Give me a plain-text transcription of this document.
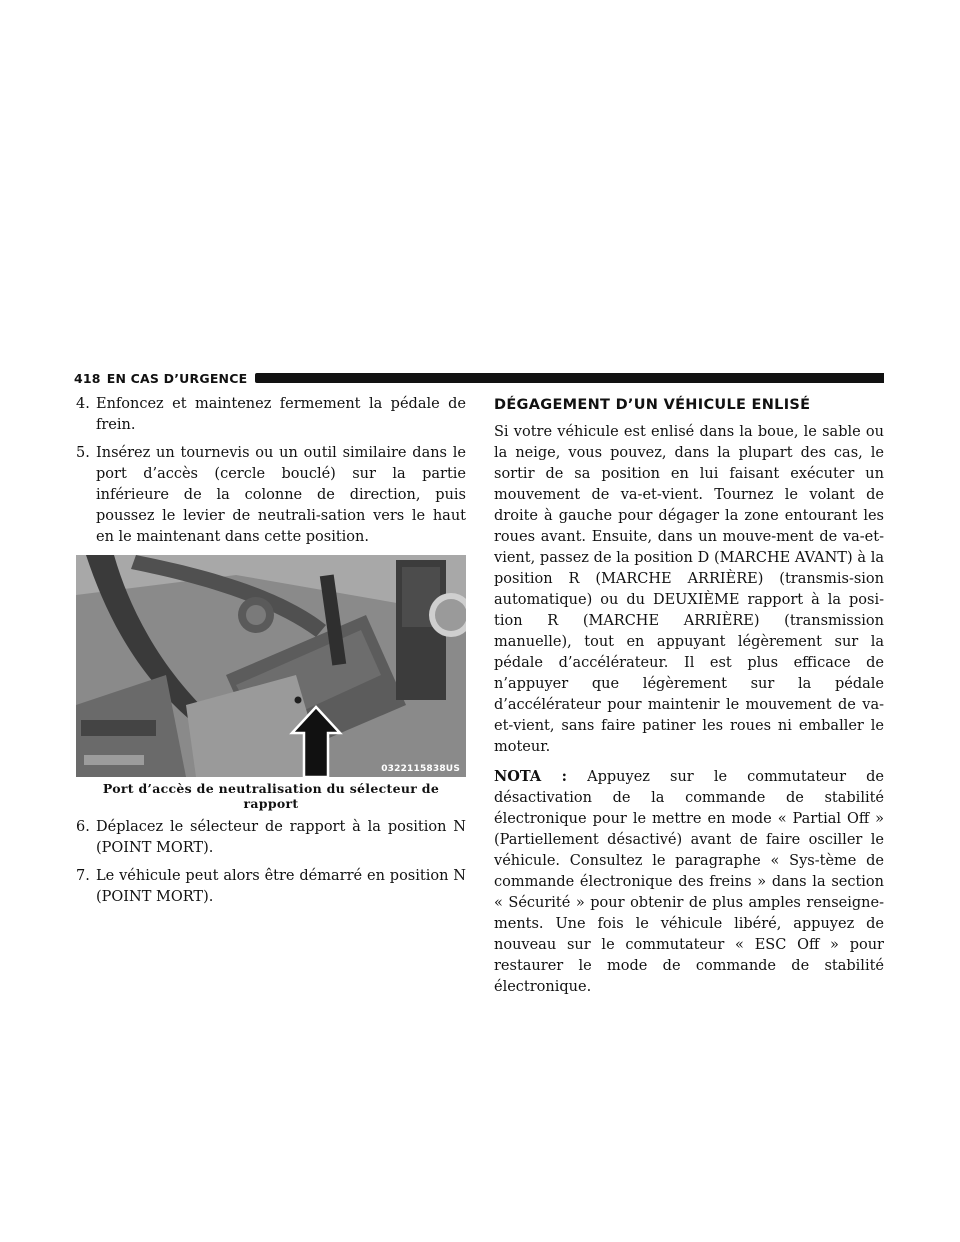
418 EN CAS D’URGENCE
4. Enfoncez et maintenez fermement la pédale de frein.
5. Insérez un tournevis ou un outil similaire dans le port d’accès (cercle bouclé) sur la partie inférieure de la colonne de direction, puis poussez le levier de neutrali-sation vers le haut en le maintenant dans cette position.
0322115838US
Port d’accès de neutralisation du sélecteur de rapport
6. Déplacez le sélecteur de rapport à la position N (POINT MORT).
7. Le véhicule peut alors être démarré en position N (POINT MORT).
DÉGAGEMENT D’UN VÉHICULE ENLISÉ

Si votre véhicule est enlisé dans la boue, le sable ou la neige, vous pouvez, dans la plupart des cas, le sortir de sa position en lui faisant exécuter un mouvement de va-et-vient. Tournez le volant de droite à gauche pour dégager la zone entourant les roues avant. Ensuite, dans un mouve-ment de va-et-vient, passez de la position D (MARCHE AVANT) à la position R (MARCHE ARRIÈRE) (transmis-sion automatique) ou du DEUXIÈME rapport à la posi-tion R (MARCHE ARRIÈRE) (transmission manuelle), tout en appuyant légèrement sur la pédale d’accélérateur. Il est plus efficace de n’appuyer que légèrement sur la pédale d’accélérateur pour maintenir le mouvement de va-et-vient, sans faire patiner les roues ni emballer le moteur.

NOTA : Appuyez sur le commutateur de désactivation de la commande de stabilité électronique pour le mettre en mode « Partial Off » (Partiellement désactivé) avant de faire osciller le véhicule. Consultez le paragraphe « Sys-tème de commande électronique des freins » dans la section « Sécurité » pour obtenir de plus amples renseigne-ments. Une fois le véhicule libéré, appuyez de nouveau sur le commutateur « ESC Off » pour restaurer le mode de commande de stabilité électronique.
